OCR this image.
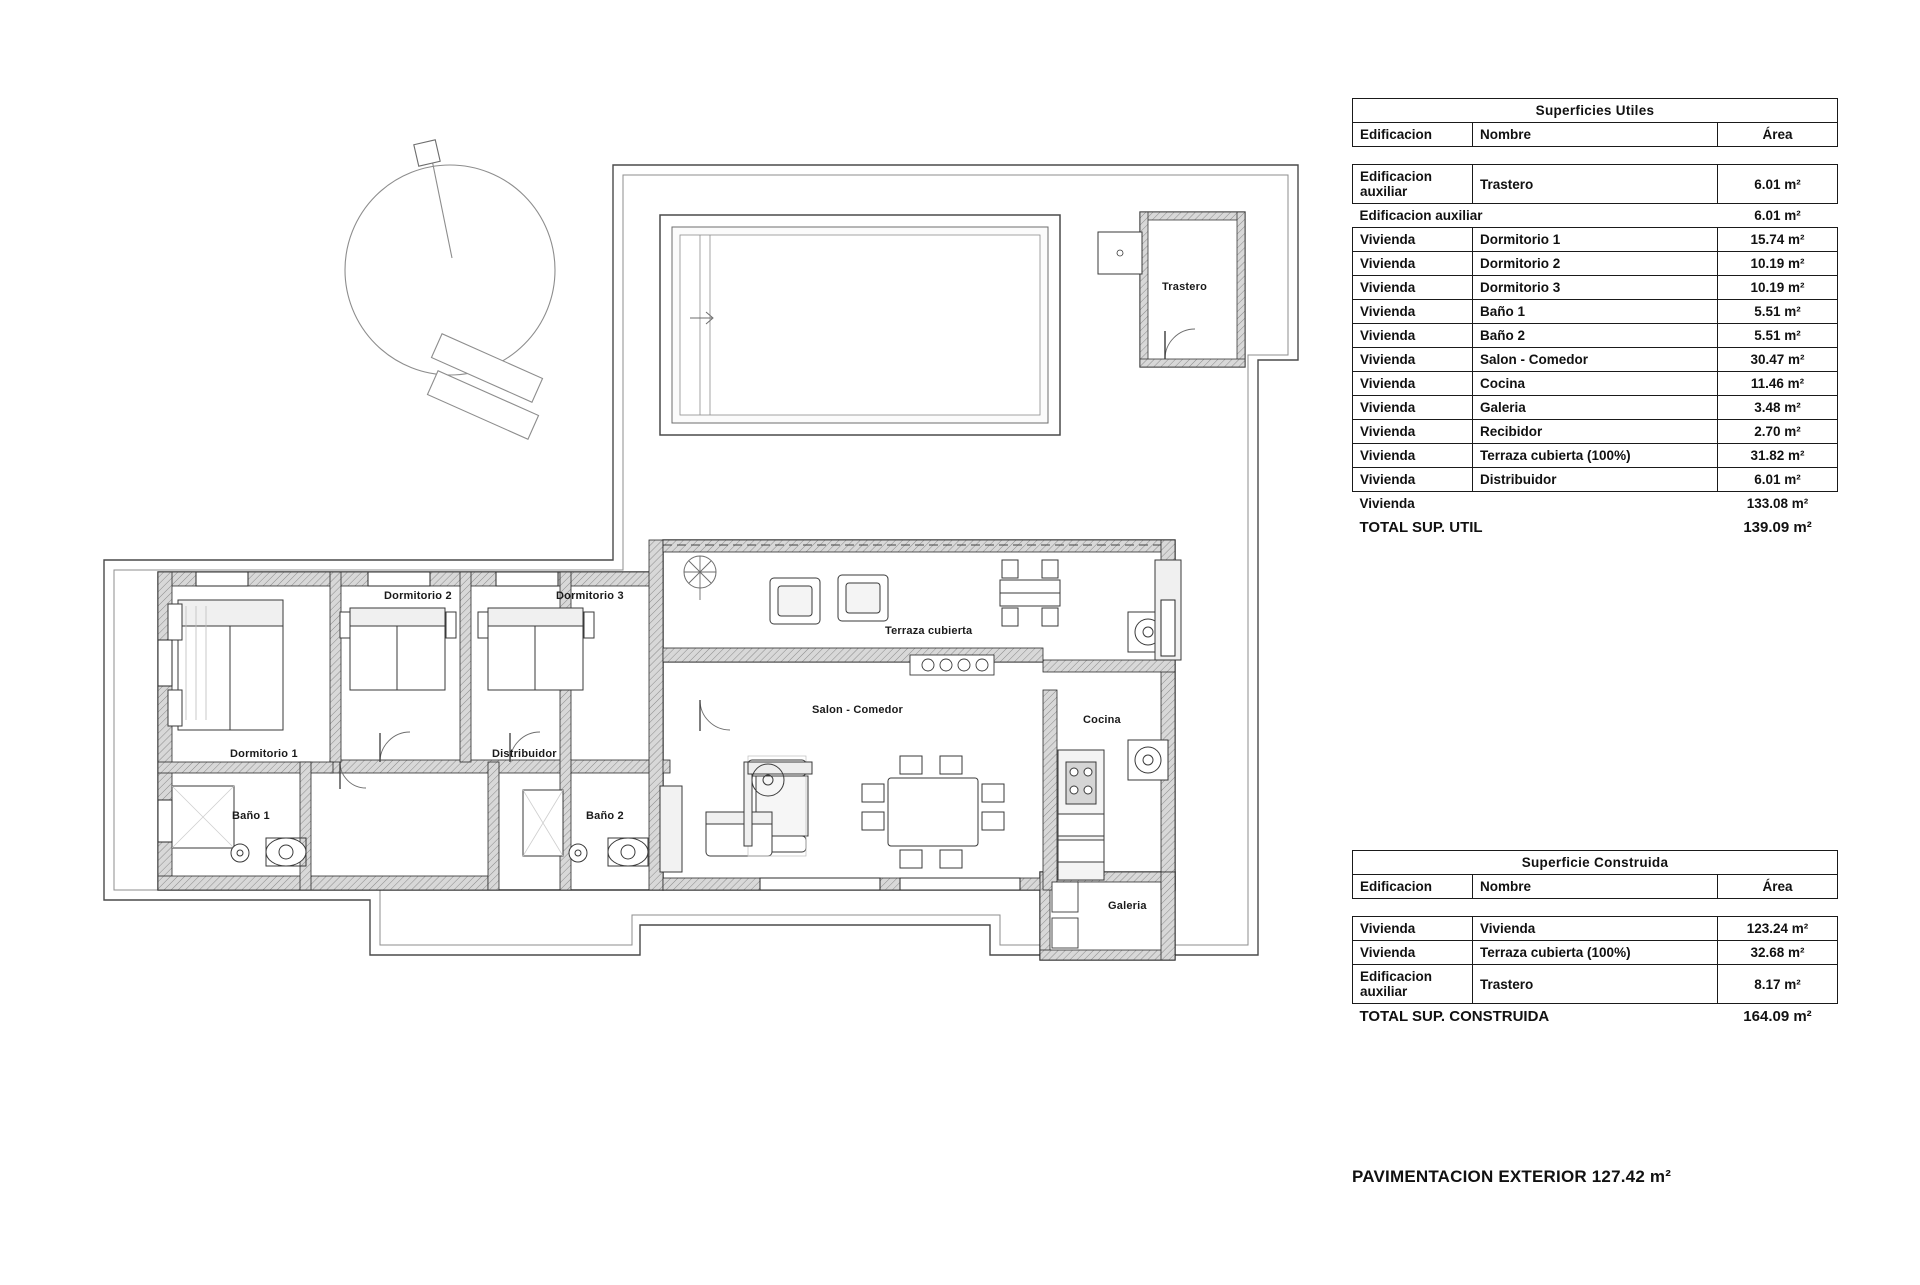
Trastero
Dormitorio 2	Dormitorio 3
Terraza cubierta
Salon - Comedor
Cocina
Dormitorio 1	Distribuidor
Baño 1	Baño 2
Galeria
Superficies Utiles		
Edificacion	Nombre	Área

Edificacion auxiliar	Trastero	6.01 m²
Edificacion auxiliar		6.01 m²
Vivienda	Dormitorio 1	15.74 m²
Vivienda	Dormitorio 2	10.19 m²
Vivienda	Dormitorio 3	10.19 m²
Vivienda	Baño 1	5.51 m²
Vivienda	Baño 2	5.51 m²
Vivienda	Salon - Comedor	30.47 m²
Vivienda	Cocina	11.46 m²
Vivienda	Galeria	3.48 m²
Vivienda	Recibidor	2.70 m²
Vivienda	Terraza cubierta (100%)	31.82 m²
Vivienda	Distribuidor	6.01 m²
Vivienda		133.08 m²
TOTAL SUP. UTIL		139.09 m²
Superficie Construida		
Edificacion	Nombre	Área

Vivienda	Vivienda	123.24 m²
Vivienda	Terraza cubierta (100%)	32.68 m²
Edificacion auxiliar	Trastero	8.17 m²
TOTAL SUP. CONSTRUIDA		164.09 m²
PAVIMENTACION EXTERIOR 127.42 m²
